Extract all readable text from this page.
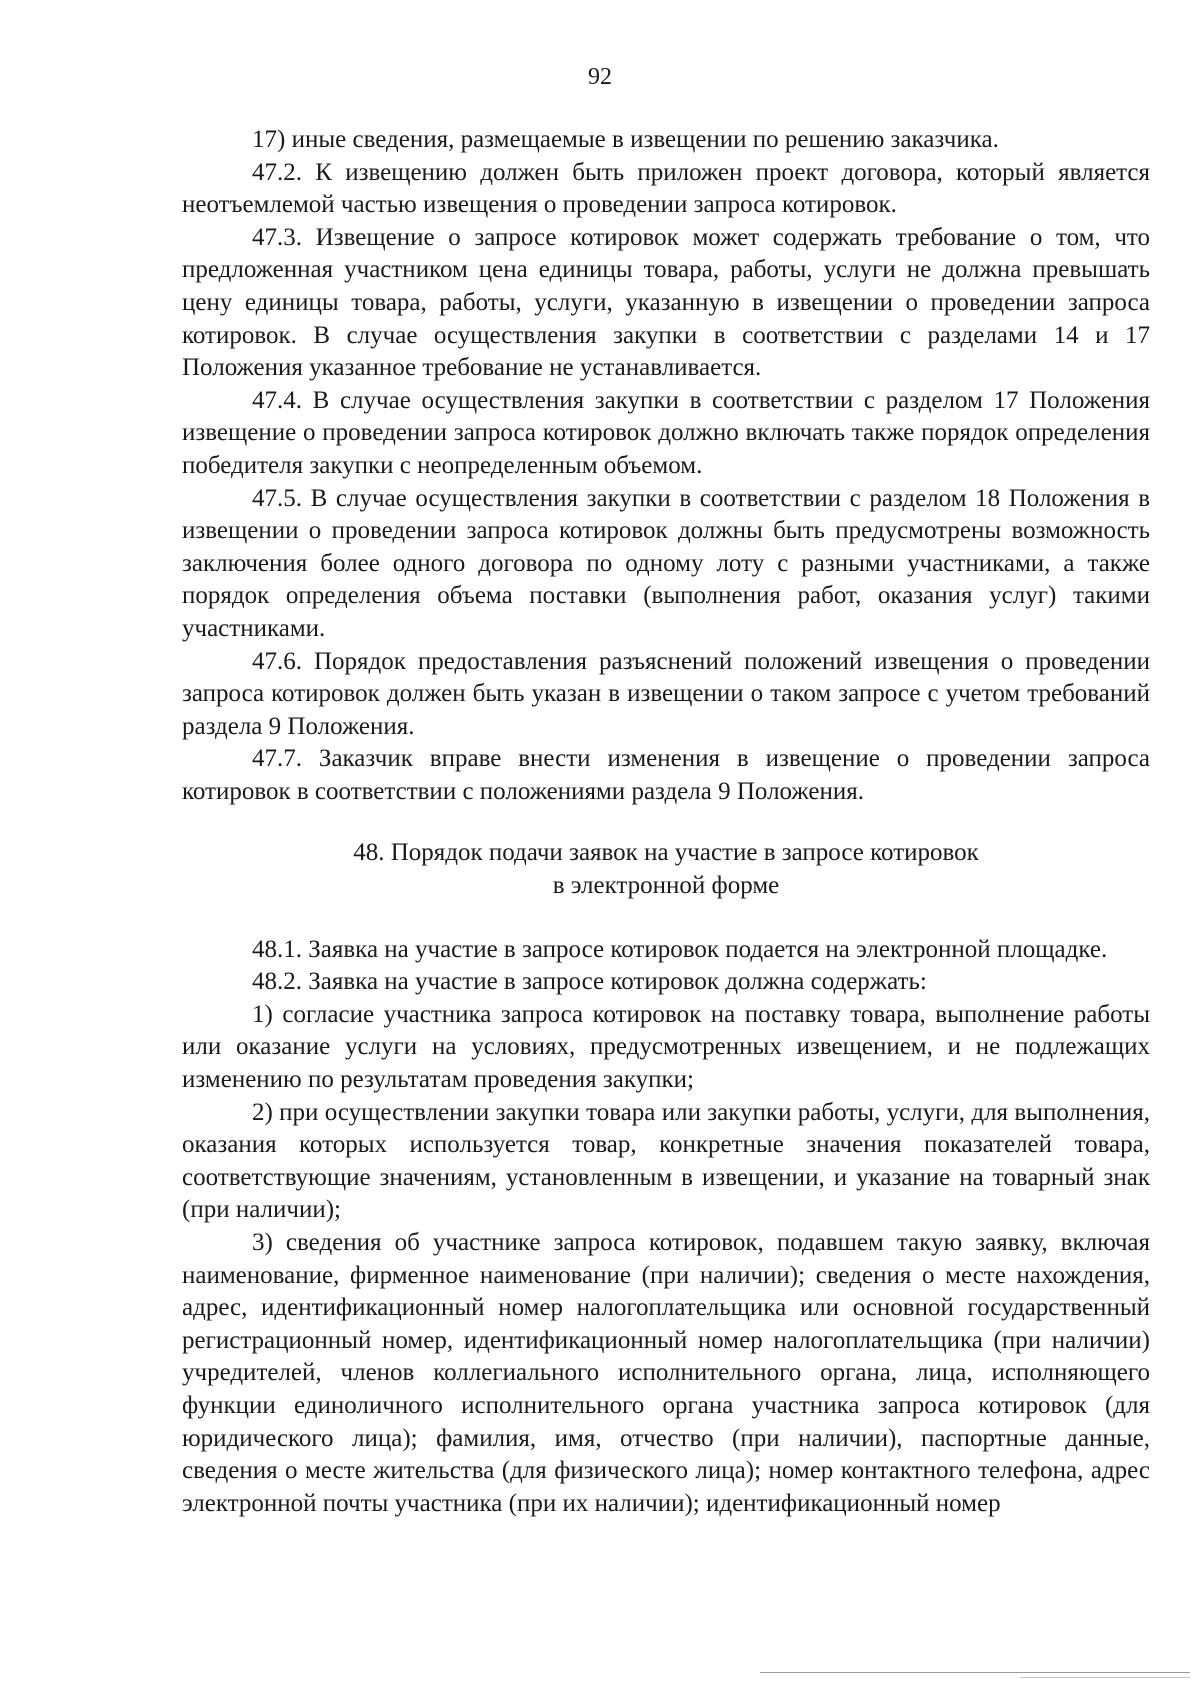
92

17) иные сведения, размещаемые в извещении по решению заказчика.

47.2. К извещению должен быть приложен проект договора, который является неотъемлемой частью извещения о проведении запроса котировок.

47.3. Извещение о запросе котировок может содержать требование о том, что предложенная участником цена единицы товара, работы, услуги не должна превышать цену единицы товара, работы, услуги, указанную в извещении о проведении запроса котировок. В случае осуществления закупки в соответствии с разделами 14 и 17 Положения указанное требование не устанавливается.

47.4. В случае осуществления закупки в соответствии с разделом 17 Положения извещение о проведении запроса котировок должно включать также порядок определения победителя закупки с неопределенным объемом.

47.5. В случае осуществления закупки в соответствии с разделом 18 Положения в извещении о проведении запроса котировок должны быть предусмотрены возможность заключения более одного договора по одному лоту с разными участниками, а также порядок определения объема поставки (выполнения работ, оказания услуг) такими участниками.

47.6. Порядок предоставления разъяснений положений извещения о проведении запроса котировок должен быть указан в извещении о таком запросе с учетом требований раздела 9 Положения.

47.7. Заказчик вправе внести изменения в извещение о проведении запроса котировок в соответствии с положениями раздела 9 Положения.

48. Порядок подачи заявок на участие в запросе котировок
в электронной форме

48.1. Заявка на участие в запросе котировок подается на электронной площадке.

48.2. Заявка на участие в запросе котировок должна содержать:

1) согласие участника запроса котировок на поставку товара, выполнение работы или оказание услуги на условиях, предусмотренных извещением, и не подлежащих изменению по результатам проведения закупки;

2) при осуществлении закупки товара или закупки работы, услуги, для выполнения, оказания которых используется товар, конкретные значения показателей товара, соответствующие значениям, установленным в извещении, и указание на товарный знак (при наличии);

3) сведения об участнике запроса котировок, подавшем такую заявку, включая наименование, фирменное наименование (при наличии); сведения о месте нахождения, адрес, идентификационный номер налогоплательщика или основной государственный регистрационный номер, идентификационный номер налогоплательщика (при наличии) учредителей, членов коллегиального исполнительного органа, лица, исполняющего функции единоличного исполнительного органа участника запроса котировок (для юридического лица); фамилия, имя, отчество (при наличии), паспортные данные, сведения о месте жительства (для физического лица); номер контактного телефона, адрес электронной почты участника (при их наличии); идентификационный номер
